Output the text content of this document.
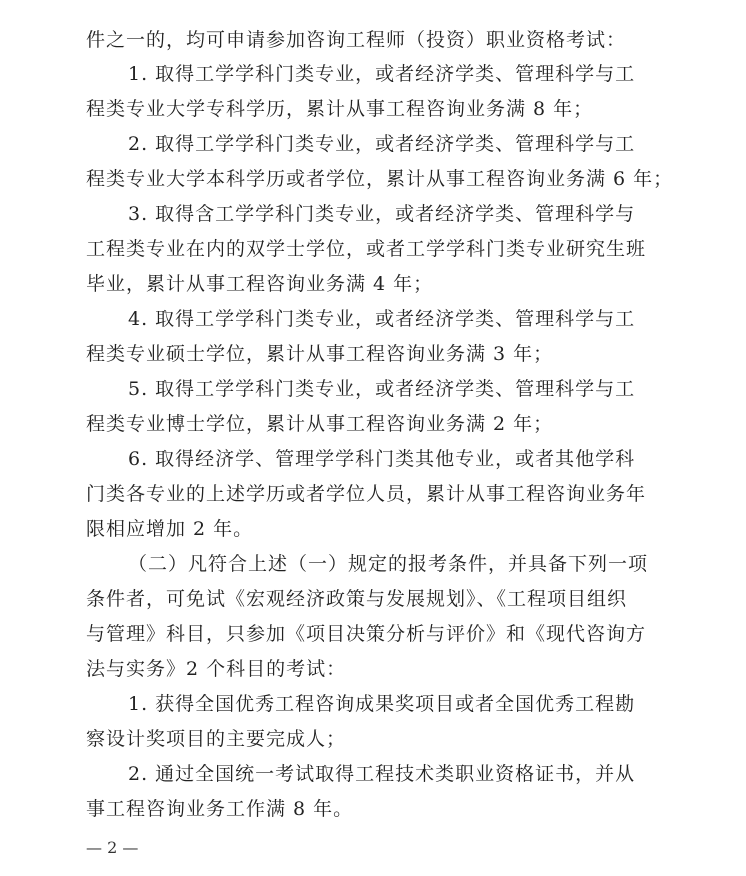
件之一的，均可申请参加咨询工程师（投资）职业资格考试：
1. 取得工学学科门类专业，或者经济学类、管理科学与工
程类专业大学专科学历，累计从事工程咨询业务满 8 年；
2. 取得工学学科门类专业，或者经济学类、管理科学与工
程类专业大学本科学历或者学位，累计从事工程咨询业务满 6 年；
3. 取得含工学学科门类专业，或者经济学类、管理科学与
工程类专业在内的双学士学位，或者工学学科门类专业研究生班
毕业，累计从事工程咨询业务满 4 年；
4. 取得工学学科门类专业，或者经济学类、管理科学与工
程类专业硕士学位，累计从事工程咨询业务满 3 年；
5. 取得工学学科门类专业，或者经济学类、管理科学与工
程类专业博士学位，累计从事工程咨询业务满 2 年；
6. 取得经济学、管理学学科门类其他专业，或者其他学科
门类各专业的上述学历或者学位人员，累计从事工程咨询业务年
限相应增加 2 年。
（二）凡符合上述（一）规定的报考条件，并具备下列一项
条件者，可免试《宏观经济政策与发展规划》、《工程项目组织
与管理》科目，只参加《项目决策分析与评价》和《现代咨询方
法与实务》2 个科目的考试：
1. 获得全国优秀工程咨询成果奖项目或者全国优秀工程勘
察设计奖项目的主要完成人；
2. 通过全国统一考试取得工程技术类职业资格证书，并从
事工程咨询业务工作满 8 年。
— 2 —
